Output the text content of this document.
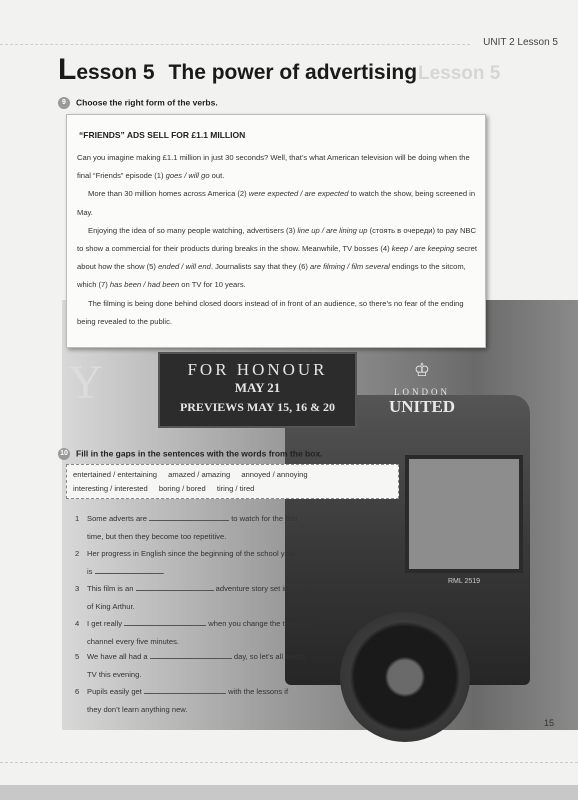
UNIT 2 Lesson 5
Lesson 5
Lesson 5 The power of advertising
9 Choose the right form of the verbs.
RML 2519
Y	FOR HONOUR
MAY 21
PREVIEWS MAY 15, 16 & 20
♔
LONDON
UNITED
“FRIENDS” ADS SELL FOR £1.1 MILLION

Can you imagine making £1.1 million in just 30 seconds? Well, that’s what American television will be doing when the final “Friends” episode (1) goes / will go out.

More than 30 million homes across America (2) were expected / are expected to watch the show, being screened in May.

Enjoying the idea of so many people watching, advertisers (3) line up / are lining up (стоять в очереди) to pay NBC to show a commercial for their products during breaks in the show. Meanwhile, TV bosses (4) keep / are keeping secret about how the show (5) ended / will end. Journalists say that they (6) are filming / film several endings to the sitcom, which (7) has been / had been on TV for 10 years.

The filming is being done behind closed doors instead of in front of an audience, so there’s no fear of the ending being revealed to the public.

10 Fill in the gaps in the sentences with the words from the box.
entertained / entertaining amazed / amazing annoyed / annoying
interesting / interested boring / bored tiring / tired
1	Some adverts are	to watch for the first
time, but then they become too repetitive.
2	Her progress in English since the beginning of the school year
is	.
3	This film is an	adventure story set in the time
of King Arthur.
4	I get really	when you change the television
channel every five minutes.
5	We have all had a	day, so let’s all watch
TV this evening.
6	Pupils easily get	with the lessons if
they don’t learn anything new.
15
